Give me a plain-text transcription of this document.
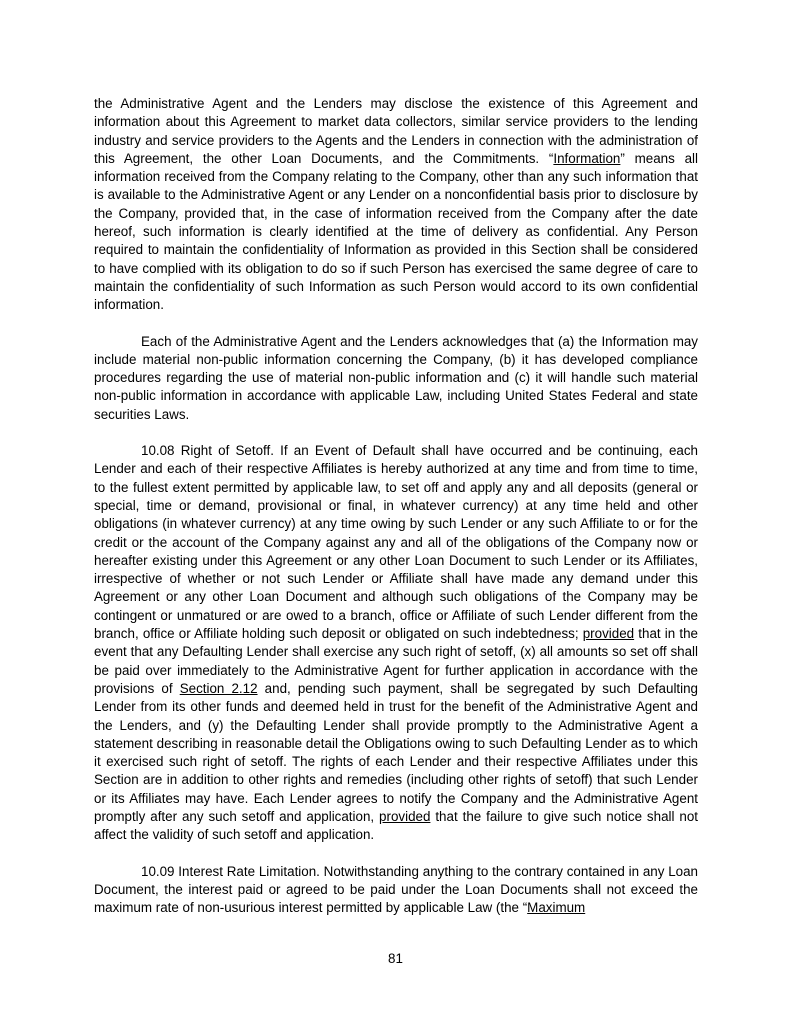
the Administrative Agent and the Lenders may disclose the existence of this Agreement and information about this Agreement to market data collectors, similar service providers to the lending industry and service providers to the Agents and the Lenders in connection with the administration of this Agreement, the other Loan Documents, and the Commitments. “Information” means all information received from the Company relating to the Company, other than any such information that is available to the Administrative Agent or any Lender on a nonconfidential basis prior to disclosure by the Company, provided that, in the case of information received from the Company after the date hereof, such information is clearly identified at the time of delivery as confidential. Any Person required to maintain the confidentiality of Information as provided in this Section shall be considered to have complied with its obligation to do so if such Person has exercised the same degree of care to maintain the confidentiality of such Information as such Person would accord to its own confidential information.

Each of the Administrative Agent and the Lenders acknowledges that (a) the Information may include material non-public information concerning the Company, (b) it has developed compliance procedures regarding the use of material non-public information and (c) it will handle such material non-public information in accordance with applicable Law, including United States Federal and state securities Laws.

10.08 Right of Setoff. If an Event of Default shall have occurred and be continuing, each Lender and each of their respective Affiliates is hereby authorized at any time and from time to time, to the fullest extent permitted by applicable law, to set off and apply any and all deposits (general or special, time or demand, provisional or final, in whatever currency) at any time held and other obligations (in whatever currency) at any time owing by such Lender or any such Affiliate to or for the credit or the account of the Company against any and all of the obligations of the Company now or hereafter existing under this Agreement or any other Loan Document to such Lender or its Affiliates, irrespective of whether or not such Lender or Affiliate shall have made any demand under this Agreement or any other Loan Document and although such obligations of the Company may be contingent or unmatured or are owed to a branch, office or Affiliate of such Lender different from the branch, office or Affiliate holding such deposit or obligated on such indebtedness; provided that in the event that any Defaulting Lender shall exercise any such right of setoff, (x) all amounts so set off shall be paid over immediately to the Administrative Agent for further application in accordance with the provisions of Section 2.12 and, pending such payment, shall be segregated by such Defaulting Lender from its other funds and deemed held in trust for the benefit of the Administrative Agent and the Lenders, and (y) the Defaulting Lender shall provide promptly to the Administrative Agent a statement describing in reasonable detail the Obligations owing to such Defaulting Lender as to which it exercised such right of setoff. The rights of each Lender and their respective Affiliates under this Section are in addition to other rights and remedies (including other rights of setoff) that such Lender or its Affiliates may have. Each Lender agrees to notify the Company and the Administrative Agent promptly after any such setoff and application, provided that the failure to give such notice shall not affect the validity of such setoff and application.

10.09 Interest Rate Limitation. Notwithstanding anything to the contrary contained in any Loan Document, the interest paid or agreed to be paid under the Loan Documents shall not exceed the maximum rate of non-usurious interest permitted by applicable Law (the “Maximum

81
